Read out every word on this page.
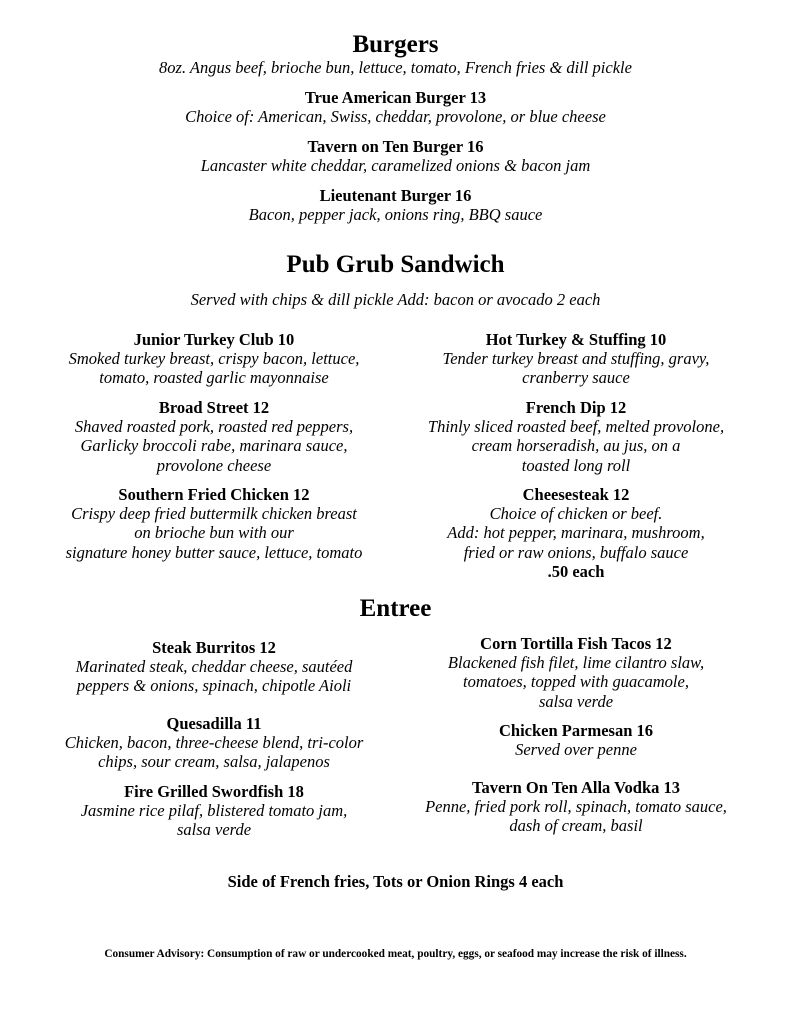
Burgers
8oz. Angus beef, brioche bun, lettuce, tomato, French fries & dill pickle
True American Burger 13
Choice of: American, Swiss, cheddar, provolone, or blue cheese
Tavern on Ten Burger 16
Lancaster white cheddar, caramelized onions & bacon jam
Lieutenant Burger 16
Bacon, pepper jack, onions ring, BBQ sauce
Pub Grub Sandwich
Served with chips & dill pickle Add: bacon or avocado 2 each
Junior Turkey Club 10
Smoked turkey breast, crispy bacon, lettuce,
tomato, roasted garlic mayonnaise
Broad Street 12
Shaved roasted pork, roasted red peppers,
Garlicky broccoli rabe, marinara sauce,
provolone cheese
Southern Fried Chicken 12
Crispy deep fried buttermilk chicken breast
on brioche bun with our
signature honey butter sauce, lettuce, tomato
Hot Turkey & Stuffing 10
Tender turkey breast and stuffing, gravy,
cranberry sauce
French Dip 12
Thinly sliced roasted beef, melted provolone,
cream horseradish, au jus, on a
toasted long roll
Cheesesteak 12
Choice of chicken or beef.
Add: hot pepper, marinara, mushroom,
fried or raw onions, buffalo sauce
.50 each
Entree
Steak Burritos 12
Marinated steak, cheddar cheese, sautéed
peppers & onions, spinach, chipotle Aioli
Quesadilla 11
Chicken, bacon, three-cheese blend, tri-color
chips, sour cream, salsa, jalapenos
Fire Grilled Swordfish 18
Jasmine rice pilaf, blistered tomato jam,
salsa verde
Corn Tortilla Fish Tacos 12
Blackened fish filet, lime cilantro slaw,
tomatoes, topped with guacamole,
salsa verde
Chicken Parmesan 16
Served over penne
Tavern On Ten Alla Vodka 13
Penne, fried pork roll, spinach, tomato sauce,
dash of cream, basil
Side of French fries, Tots or Onion Rings 4 each
Consumer Advisory: Consumption of raw or undercooked meat, poultry, eggs, or seafood may increase the risk of illness.
